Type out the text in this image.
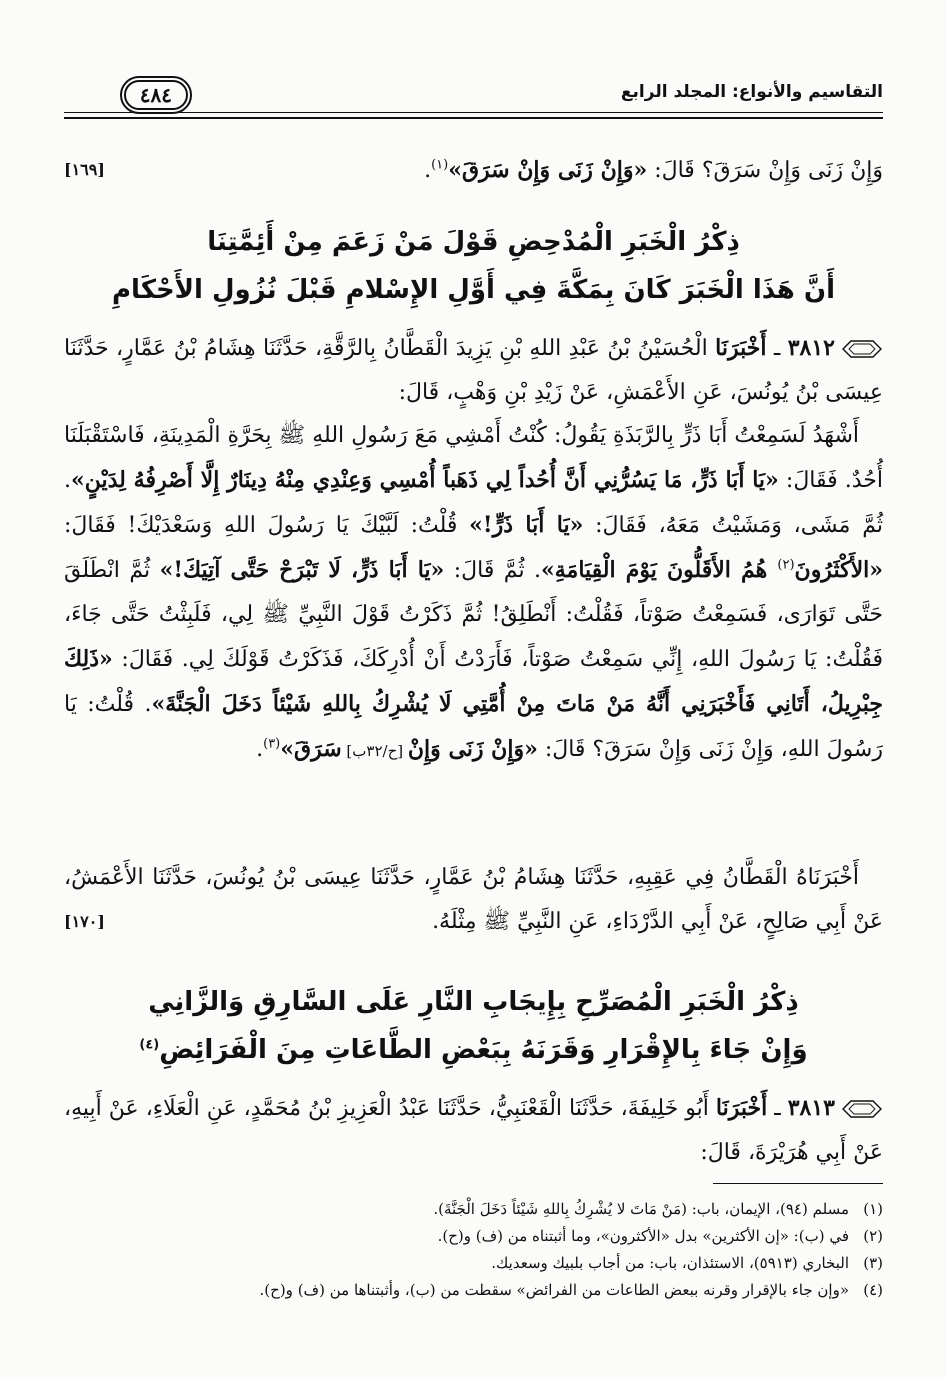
التقاسيم والأنواع: المجلد الرابع
٤٨٤
وَإِنْ زَنَى وَإِنْ سَرَقَ؟ قَالَ: «وَإِنْ زَنَى وَإِنْ سَرَقَ»$^{(١)}$.
[١٦٩]
ذِكْرُ الْخَبَرِ الْمُدْحِضِ قَوْلَ مَنْ زَعَمَ مِنْ أَئِمَّتِنَا
أَنَّ هَذَا الْخَبَرَ كَانَ بِمَكَّةَ فِي أَوَّلِ الإِسْلامِ قَبْلَ نُزُولِ الأَحْكَامِ
٣٨١٢ ـ أَخْبَرَنَا الْحُسَيْنُ بْنُ عَبْدِ اللهِ بْنِ يَزِيدَ الْقَطَّانُ بِالرَّقَّةِ، حَدَّثَنَا هِشَامُ بْنُ عَمَّارٍ، حَدَّثَنَا عِيسَى بْنُ يُونُسَ، عَنِ الأَعْمَشِ، عَنْ زَيْدِ بْنِ وَهْبٍ، قَالَ:
أَشْهَدُ لَسَمِعْتُ أَبَا ذَرٍّ بِالرَّبَذَةِ يَقُولُ: كُنْتُ أَمْشِي مَعَ رَسُولِ اللهِ ﷺ بِحَرَّةِ الْمَدِينَةِ، فَاسْتَقْبَلَنَا أُحُدٌ. فَقَالَ: «يَا أَبَا ذَرٍّ، مَا يَسُرُّنِي أَنَّ أُحُداً لِي ذَهَباً أُمْسِي وَعِنْدِي مِنْهُ دِينَارٌ إِلَّا أَصْرِفُهُ لِدَيْنٍ». ثُمَّ مَشَى، وَمَشَيْتُ مَعَهُ، فَقَالَ: «يَا أَبَا ذَرٍّ!» قُلْتُ: لَبَّيْكَ يَا رَسُولَ اللهِ وَسَعْدَيْكَ! فَقَالَ: «الأَكْثَرُونَ$^{(٢)}$ هُمُ الأَقَلُّونَ يَوْمَ الْقِيَامَةِ». ثُمَّ قَالَ: «يَا أَبَا ذَرٍّ، لَا تَبْرَحْ حَتَّى آتِيَكَ!» ثُمَّ انْطَلَقَ حَتَّى تَوَارَى، فَسَمِعْتُ صَوْتاً، فَقُلْتُ: أَنْطَلِقُ! ثُمَّ ذَكَرْتُ قَوْلَ النَّبِيِّ ﷺ لِي، فَلَبِثْتُ حَتَّى جَاءَ، فَقُلْتُ: يَا رَسُولَ اللهِ، إِنِّي سَمِعْتُ صَوْتاً، فَأَرَدْتُ أَنْ أُدْرِكَكَ، فَذَكَرْتُ قَوْلَكَ لِي. فَقَالَ: «ذَلِكَ جِبْرِيلُ، أَتَانِي فَأَخْبَرَنِي أَنَّهُ مَنْ مَاتَ مِنْ أُمَّتِي لَا يُشْرِكُ بِاللهِ شَيْئاً دَخَلَ الْجَنَّةَ». قُلْتُ: يَا رَسُولَ اللهِ، وَإِنْ زَنَى وَإِنْ سَرَقَ؟ قَالَ: «وَإِنْ زَنَى وَإِنْ [ح/٣٢ب] سَرَقَ»$^{(٣)}$.
أَخْبَرَنَاهُ الْقَطَّانُ فِي عَقِبِهِ، حَدَّثَنَا هِشَامُ بْنُ عَمَّارٍ، حَدَّثَنَا عِيسَى بْنُ يُونُسَ، حَدَّثَنَا الأَعْمَشُ، عَنْ أَبِي صَالِحٍ، عَنْ أَبِي الدَّرْدَاءِ، عَنِ النَّبِيِّ ﷺ مِثْلَهُ.
[١٧٠]
ذِكْرُ الْخَبَرِ الْمُصَرِّحِ بِإِيجَابِ النَّارِ عَلَى السَّارِقِ وَالزَّانِي
وَإِنْ جَاءَ بِالإِقْرَارِ وَقَرَنَهُ بِبَعْضِ الطَّاعَاتِ مِنَ الْفَرَائِضِ$^{(٤)}$
٣٨١٣ ـ أَخْبَرَنَا أَبُو خَلِيفَةَ، حَدَّثَنَا الْقَعْنَبِيُّ، حَدَّثَنَا عَبْدُ الْعَزِيزِ بْنُ مُحَمَّدٍ، عَنِ الْعَلَاءِ، عَنْ أَبِيهِ، عَنْ أَبِي هُرَيْرَةَ، قَالَ:
(١)مسلم (٩٤)، الإيمان، باب: (مَنْ مَاتَ لا يُشْرِكُ بِاللهِ شَيْئاً دَخَلَ الْجَنَّةَ).
(٢)في (ب): «إن الأكثرين» بدل «الأكثرون»، وما أثبتناه من (ف) و(ح).
(٣)البخاري (٥٩١٣)، الاستئذان، باب: من أجاب بلبيك وسعديك.
(٤)«وإن جاء بالإقرار وقرنه ببعض الطاعات من الفرائض» سقطت من (ب)، وأثبتناها من (ف) و(ح).
